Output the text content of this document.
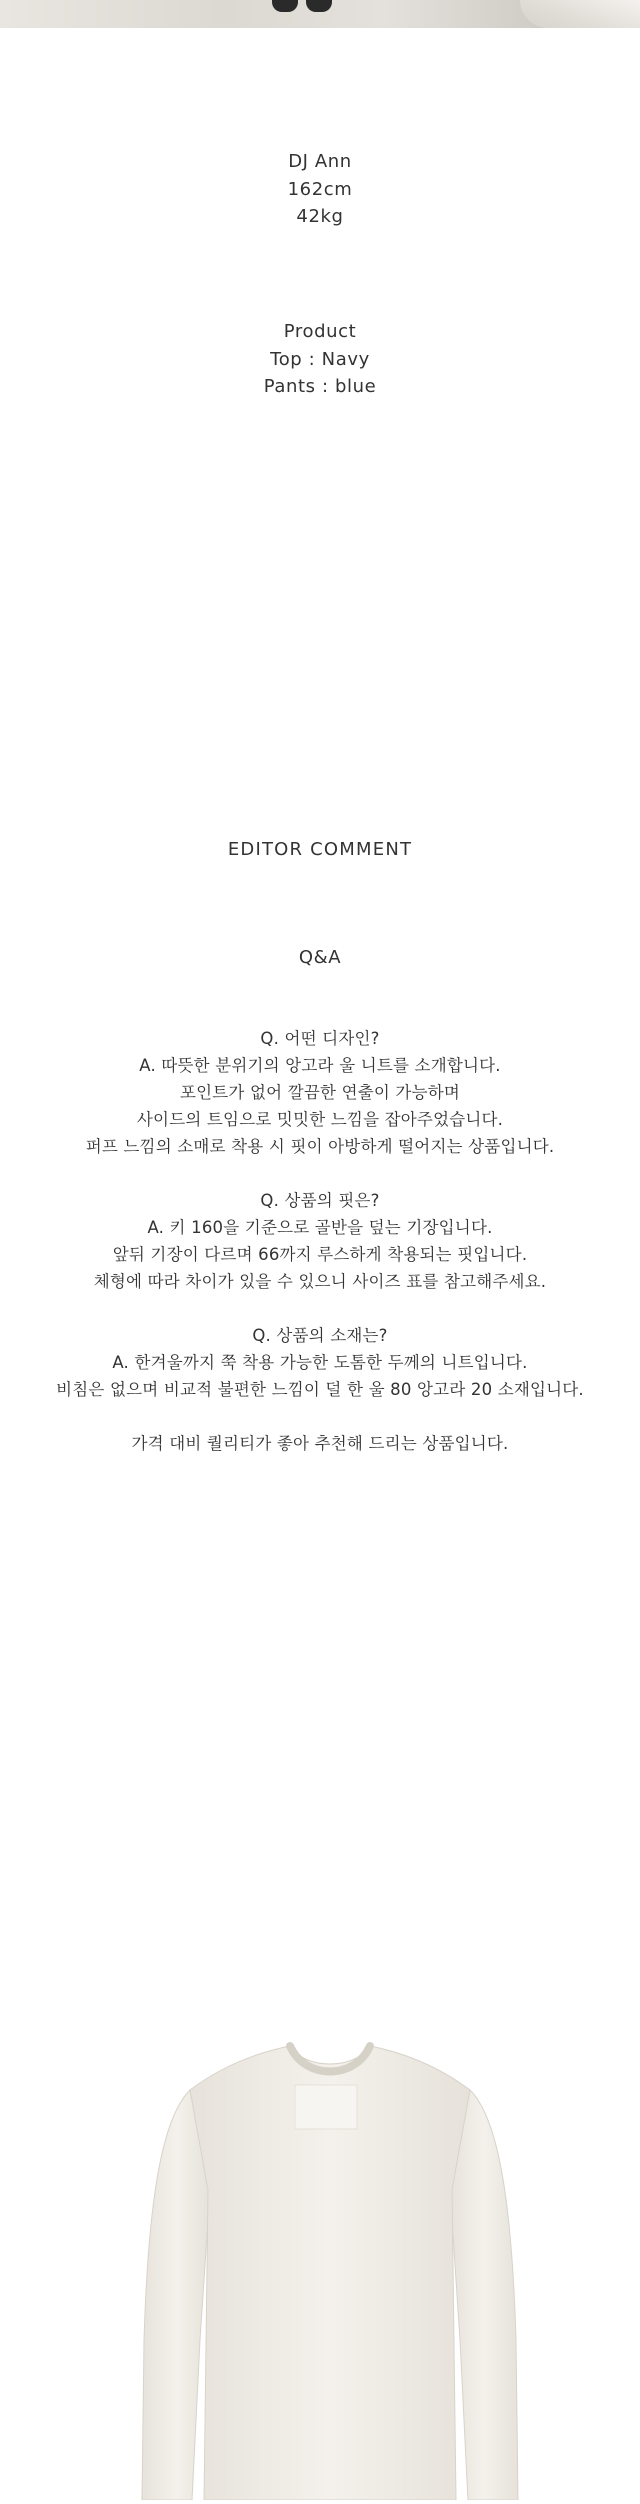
DJ Ann
162cm
42kg
Product
Top : Navy
Pants : blue
EDITOR COMMENT
Q&A
Q. 어떤 디자인?
A. 따뜻한 분위기의 앙고라 울 니트를 소개합니다.
포인트가 없어 깔끔한 연출이 가능하며
사이드의 트임으로 밋밋한 느낌을 잡아주었습니다.
퍼프 느낌의 소매로 착용 시 핏이 아방하게 떨어지는 상품입니다.
Q. 상품의 핏은?
A. 키 160을 기준으로 골반을 덮는 기장입니다.
앞뒤 기장이 다르며 66까지 루스하게 착용되는 핏입니다.
체형에 따라 차이가 있을 수 있으니 사이즈 표를 참고해주세요.
Q. 상품의 소재는?
A. 한겨울까지 쭉 착용 가능한 도톰한 두께의 니트입니다.
비침은 없으며 비교적 불편한 느낌이 덜 한 울 80 앙고라 20 소재입니다.
가격 대비 퀄리티가 좋아 추천해 드리는 상품입니다.
